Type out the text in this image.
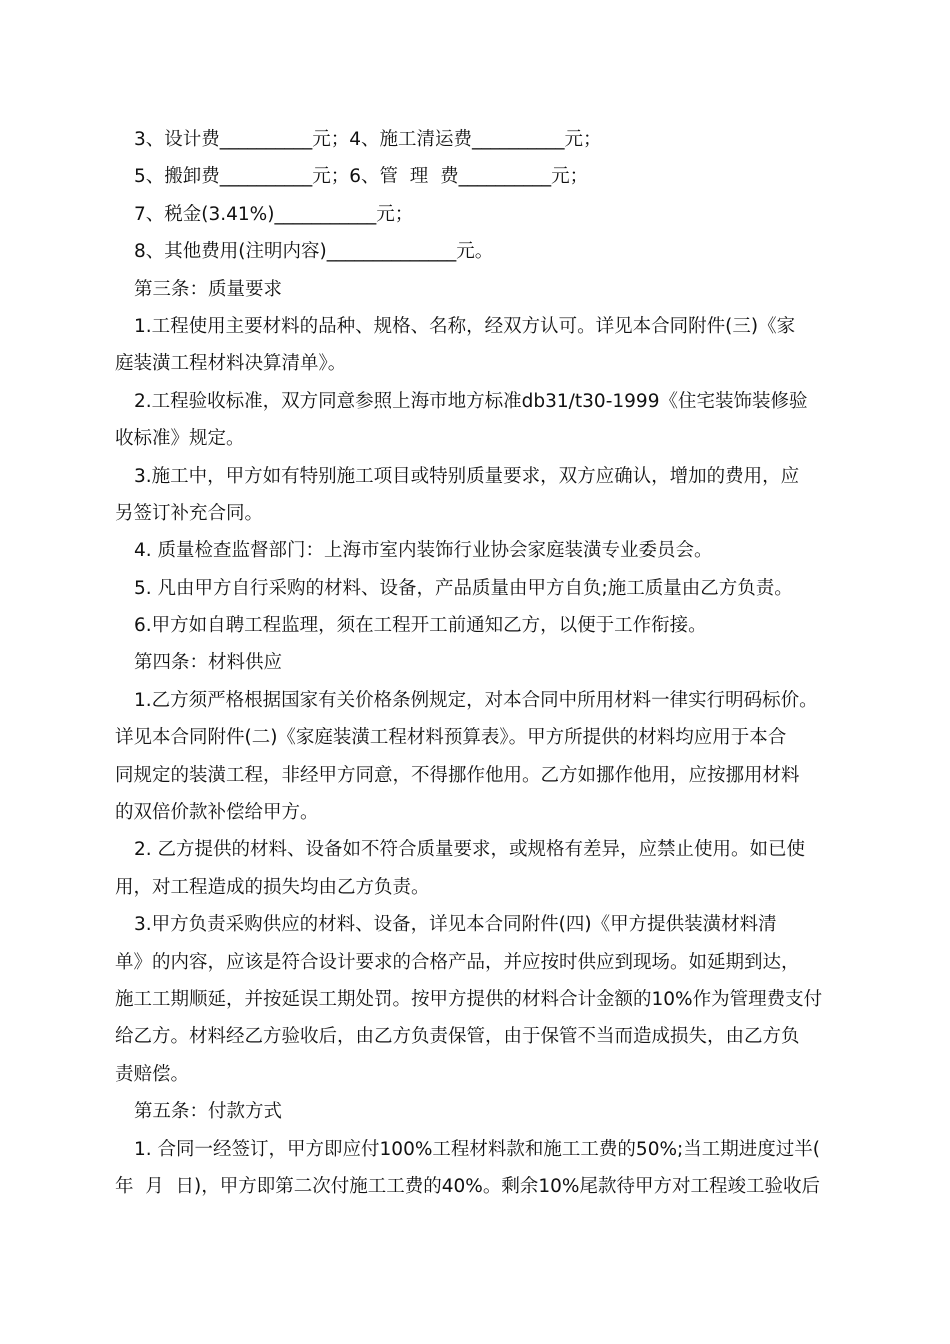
3、设计费__________元；4、施工清运费__________元；
5、搬卸费__________元；6、管  理  费__________元；
7、税金(3.41%)___________元；
8、其他费用(注明内容)______________元。
第三条：质量要求
1.工程使用主要材料的品种、规格、名称，经双方认可。详见本合同附件(三)《家
庭装潢工程材料决算清单》。
2.工程验收标准，双方同意参照上海市地方标准db31/t30-1999《住宅装饰装修验
收标准》规定。
3.施工中，甲方如有特别施工项目或特别质量要求，双方应确认，增加的费用，应
另签订补充合同。
4. 质量检查监督部门：上海市室内装饰行业协会家庭装潢专业委员会。
5. 凡由甲方自行采购的材料、设备，产品质量由甲方自负;施工质量由乙方负责。
6.甲方如自聘工程监理，须在工程开工前通知乙方，以便于工作衔接。
第四条：材料供应
1.乙方须严格根据国家有关价格条例规定，对本合同中所用材料一律实行明码标价。
详见本合同附件(二)《家庭装潢工程材料预算表》。甲方所提供的材料均应用于本合
同规定的装潢工程，非经甲方同意，不得挪作他用。乙方如挪作他用，应按挪用材料
的双倍价款补偿给甲方。
2. 乙方提供的材料、设备如不符合质量要求，或规格有差异，应禁止使用。如已使
用，对工程造成的损失均由乙方负责。
3.甲方负责采购供应的材料、设备，详见本合同附件(四)《甲方提供装潢材料清
单》的内容，应该是符合设计要求的合格产品，并应按时供应到现场。如延期到达，
施工工期顺延，并按延误工期处罚。按甲方提供的材料合计金额的10%作为管理费支付
给乙方。材料经乙方验收后，由乙方负责保管，由于保管不当而造成损失，由乙方负
责赔偿。
第五条：付款方式
1. 合同一经签订，甲方即应付100%工程材料款和施工工费的50%;当工期进度过半(
年  月  日)，甲方即第二次付施工工费的40%。剩余10%尾款待甲方对工程竣工验收后
